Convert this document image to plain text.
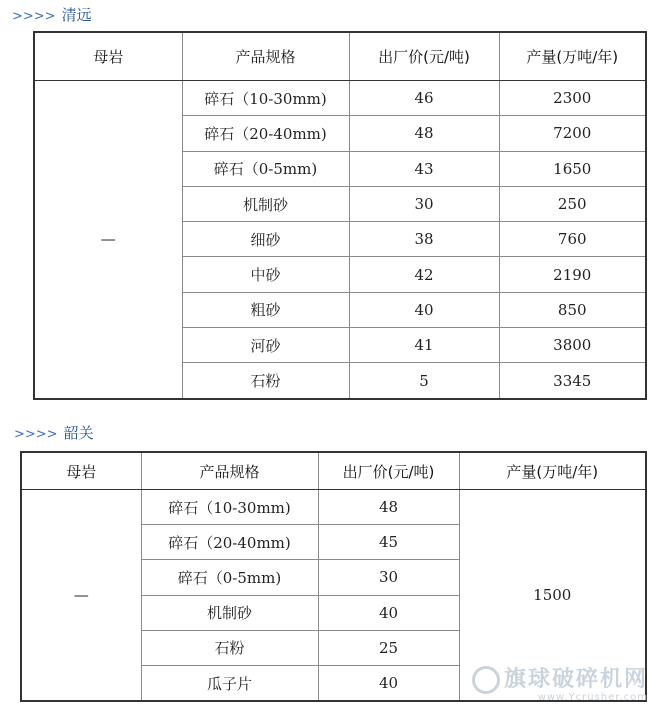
>>>> 清远
母岩	产品规格	出厂价(元/吨)	产量(万吨/年)
—	碎石（10-30mm)	46	2300
	碎石（20-40mm)	48	7200
	碎石（0-5mm)	43	1650
	机制砂	30	250
	细砂	38	760
	中砂	42	2190
	粗砂	40	850
	河砂	41	3800
	石粉	5	3345
>>>> 韶关
母岩	产品规格	出厂价(元/吨)	产量(万吨/年)
—	碎石（10-30mm)	48	1500
	碎石（20-40mm)	45	
	碎石（0-5mm)	30	
	机制砂	40	
	石粉	25	
	瓜子片	40		旗球破碎机网
www.Ycrusher.com
